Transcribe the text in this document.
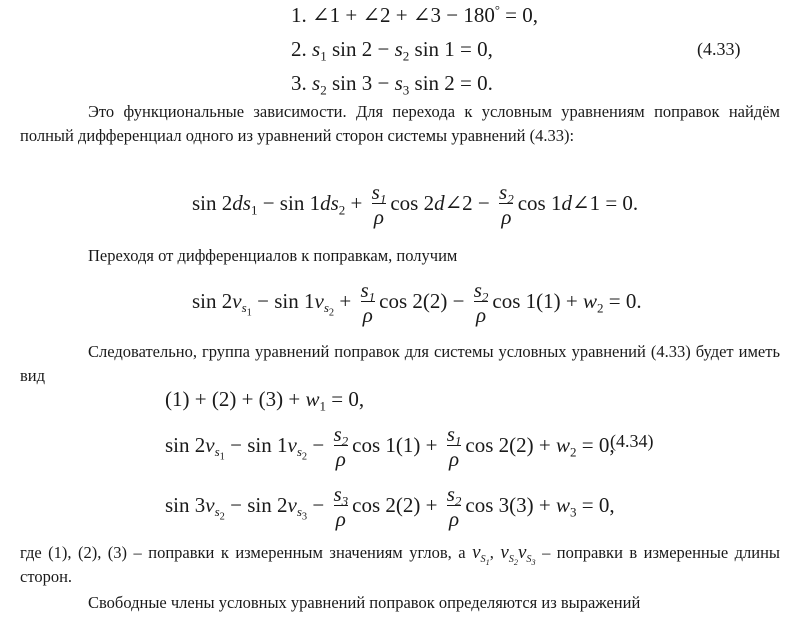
1. ∠1 + ∠2 + ∠3 − 180° = 0,
2. $s_1$ $\sin 2 - s_2$ sin 1 = 0,	(4.33)
3. $s_2$ $\sin 3 - s_3$ sin 2 = 0.
Это функциональные зависимости. Для перехода к условным уравнениям поправок найдём полный дифференциал одного из уравнений сторон системы уравнений (4.33):
$\sin 2ds_1 - \sin 1ds_2 + \frac{s_1}{\rho}$ cos 2d∠2 − $\frac{s_2}{\rho}$ cos 1d∠1 = 0.
Переходя от дифференциалов к поправкам, получим
$\sin 2v_{s_1} - \sin 1v_{s_2} + \frac{s_1}{\rho}$ $\cos 2(2) - \frac{s_2}{\rho}$ $\cos 1(1) + w_2 = 0$.
Следовательно, группа уравнений поправок для системы условных уравнений (4.33) будет иметь вид
$(1) + (2) + (3) + w_1 = 0$,
$\sin 2v_{s_1} - \sin 1v_{s_2} - \frac{s_2}{\rho}$ $\cos 1(1) + \frac{s_1}{\rho}$ $\cos 2(2) + w_2 = 0$,
(4.34)
$\sin 3v_{s_2} - \sin 2v_{s_3} - \frac{s_3}{\rho}$ $\cos 2(2) + \frac{s_2}{\rho}$ $\cos 3(3) + w_3 = 0$,
где (1), (2), (3) – поправки к измеренным значениям углов, а $v_{S_1}$, $v_{S_2}v_{S_3}$ – поправки в измеренные длины сторон.
Свободные члены условных уравнений поправок определяются из выражений
